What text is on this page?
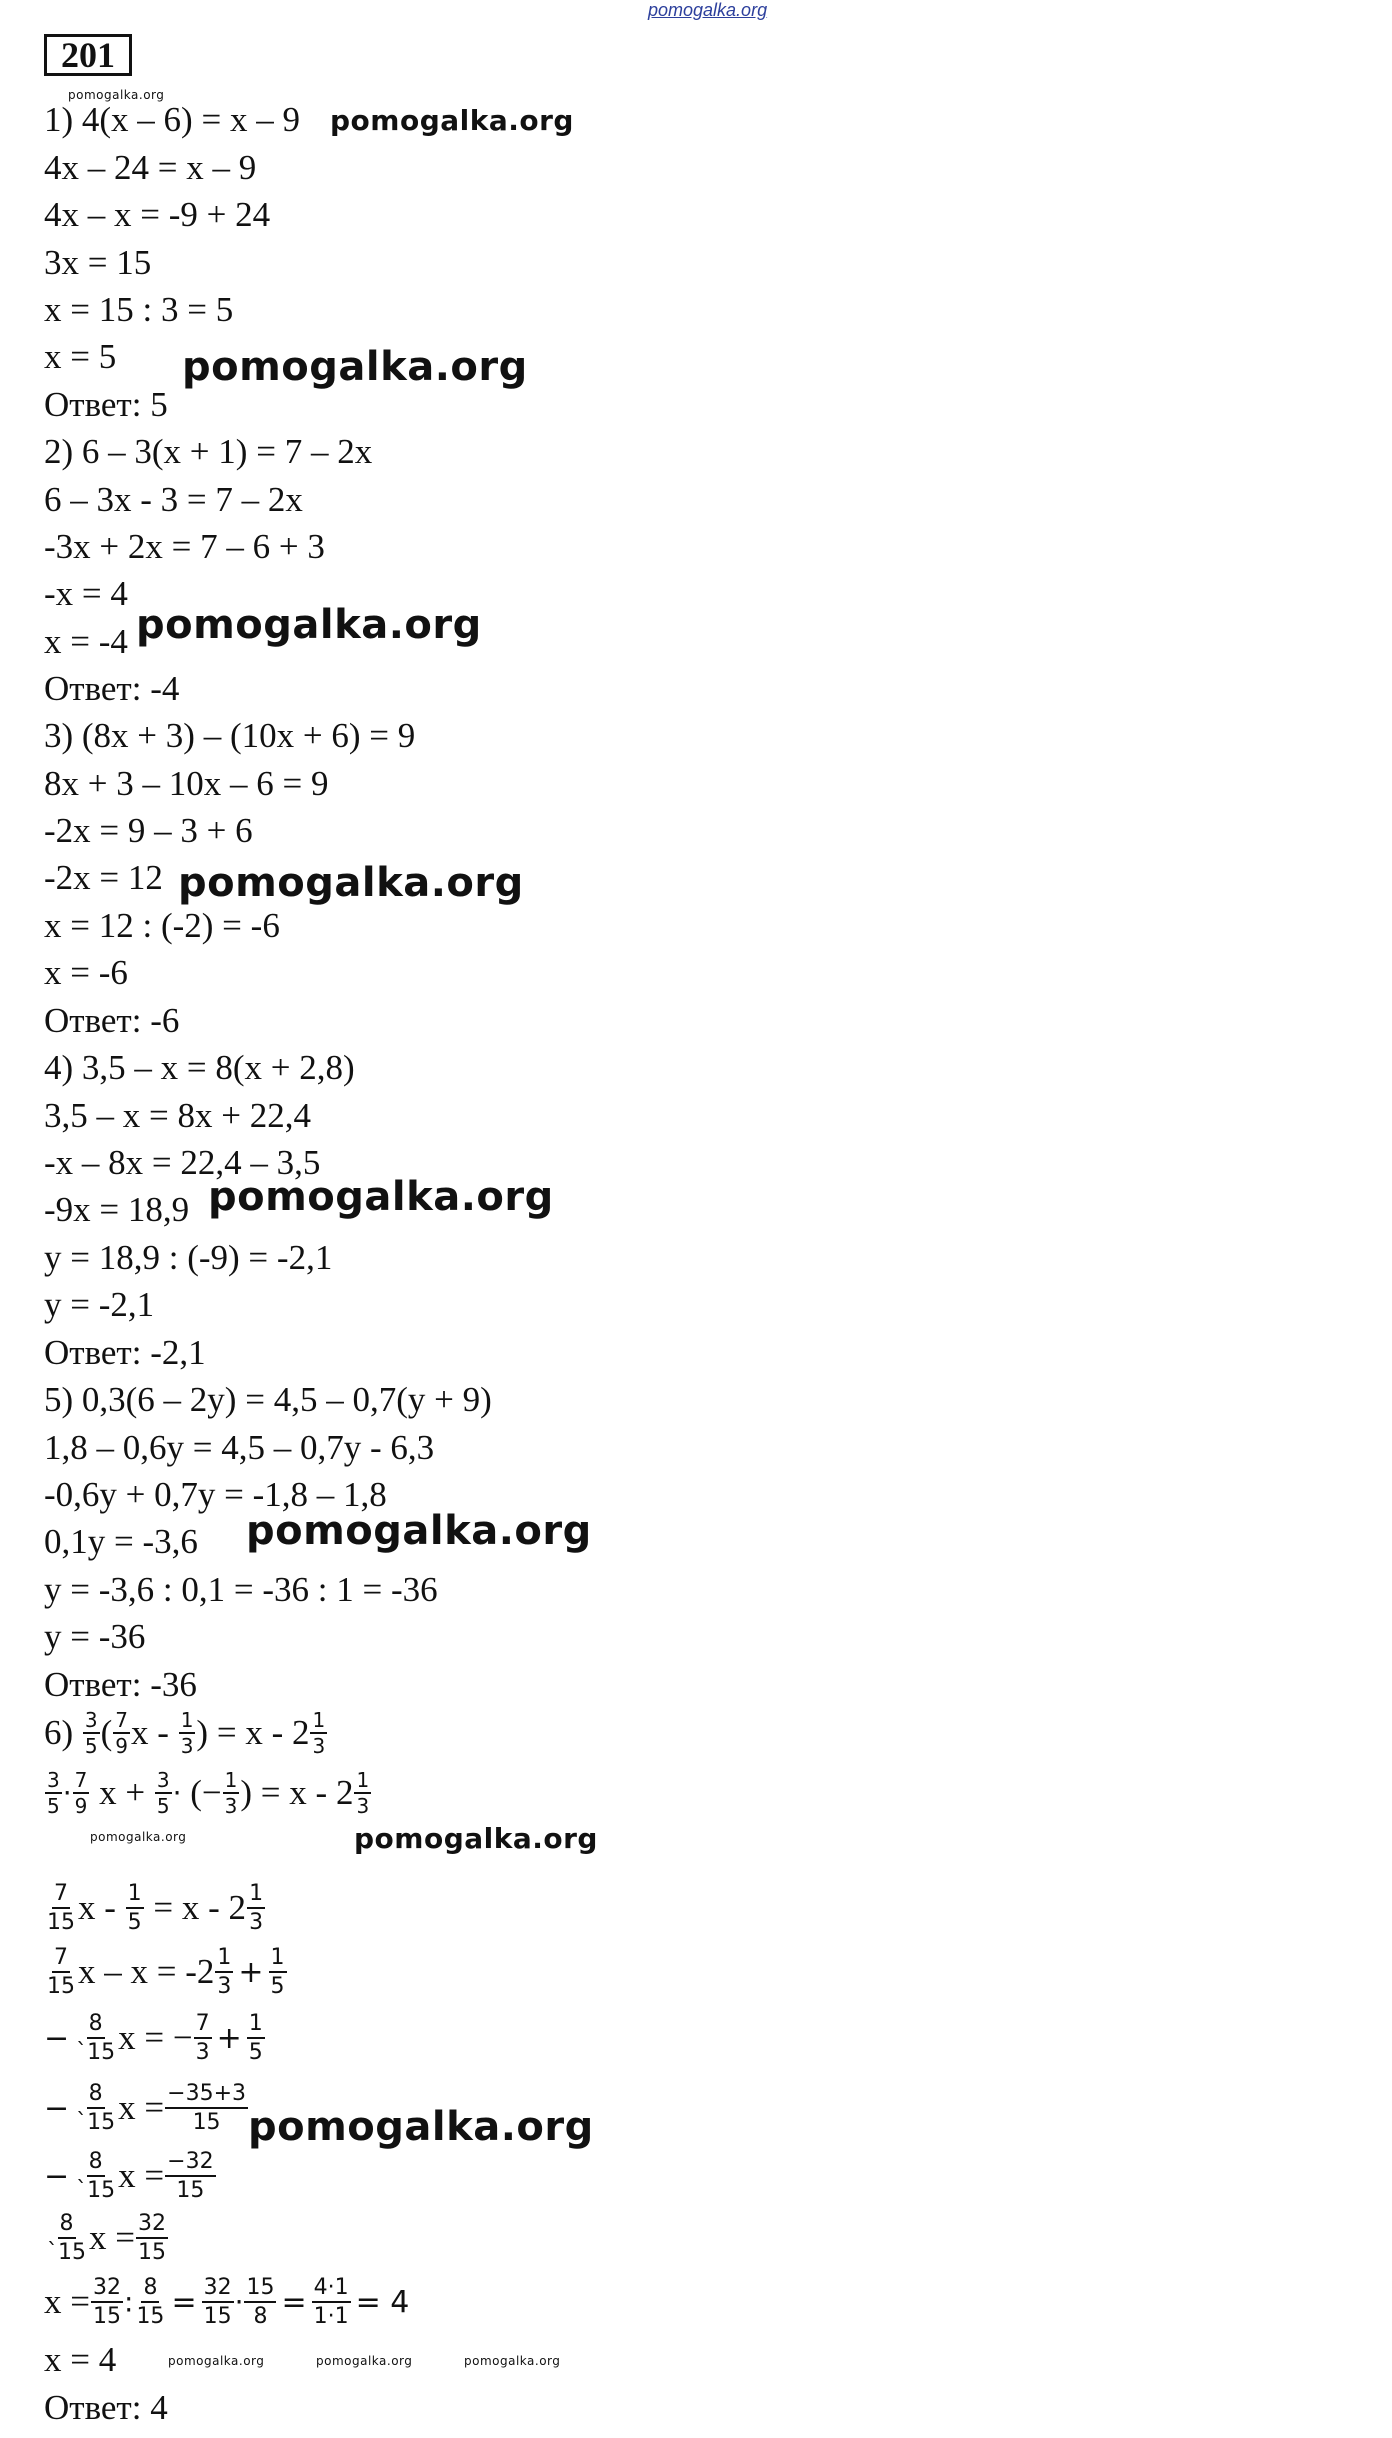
pomogalka.org
201
pomogalka.org
1) 4(x – 6) = x – 9
4x – 24 = x – 9
4x – x = -9 + 24
3x = 15
x = 15 : 3 = 5
x = 5
Ответ: 5
pomogalka.org
pomogalka.org
2) 6 – 3(x + 1) = 7 – 2x
6 – 3x - 3 = 7 – 2x
-3x + 2x = 7 – 6 + 3
-x = 4
x = -4
Ответ: -4
pomogalka.org
3) (8x + 3) – (10x + 6) = 9
8x + 3 – 10x – 6 = 9
-2x = 9 – 3 + 6
-2x = 12
x = 12 : (-2) = -6
x = -6
Ответ: -6
pomogalka.org
4) 3,5 – x = 8(x + 2,8)
3,5 – x = 8x + 22,4
-x – 8x = 22,4 – 3,5
-9x = 18,9
y = 18,9 : (-9) = -2,1
y = -2,1
Ответ: -2,1
pomogalka.org
5) 0,3(6 – 2y) = 4,5 – 0,7(y + 9)
1,8 – 0,6y = 4,5 – 0,7y - 6,3
-0,6y + 0,7y = -1,8 – 1,8
0,1y = -3,6
y = -3,6 : 0,1 = -36 : 1 = -36
y = -36
Ответ: -36
pomogalka.org
$6) \frac{3}{5}$ ( $\frac{7}{9}$ x - $\frac{1}{3}$ ) = x - $2 \frac{1}{3}$
$\frac{3}{5} \cdot \frac{7}{9}$ $x + \frac{3}{5}$ · (− $\frac{1}{3}$ ) = x - $2 \frac{1}{3}$
$\frac{7}{15}$ $x - \frac{1}{5} = x - 2 \frac{1}{3}$
$\frac{7}{15}$ $x - x = -2 \frac{1}{3} + \frac{1}{5}$
− $\frac{8}{`15}$ x = − $\frac{7}{3} + \frac{1}{5}$
− $\frac{8}{`15}$ $x = \frac{-35+3}{15}$
− $\frac{8}{`15}$ $x = \frac{-32}{15}$
$\frac{8}{`15}$ $x = \frac{32}{15}$
$x = \frac{32}{15}$ : $\frac{8}{15} = \frac{32}{15} \cdot \frac{15}{8} = \frac{4\cdot 1}{1\cdot 1} = 4$
x = 4
Ответ: 4
pomogalka.org	pomogalka.org
pomogalka.org
pomogalka.org	pomogalka.org	pomogalka.org
